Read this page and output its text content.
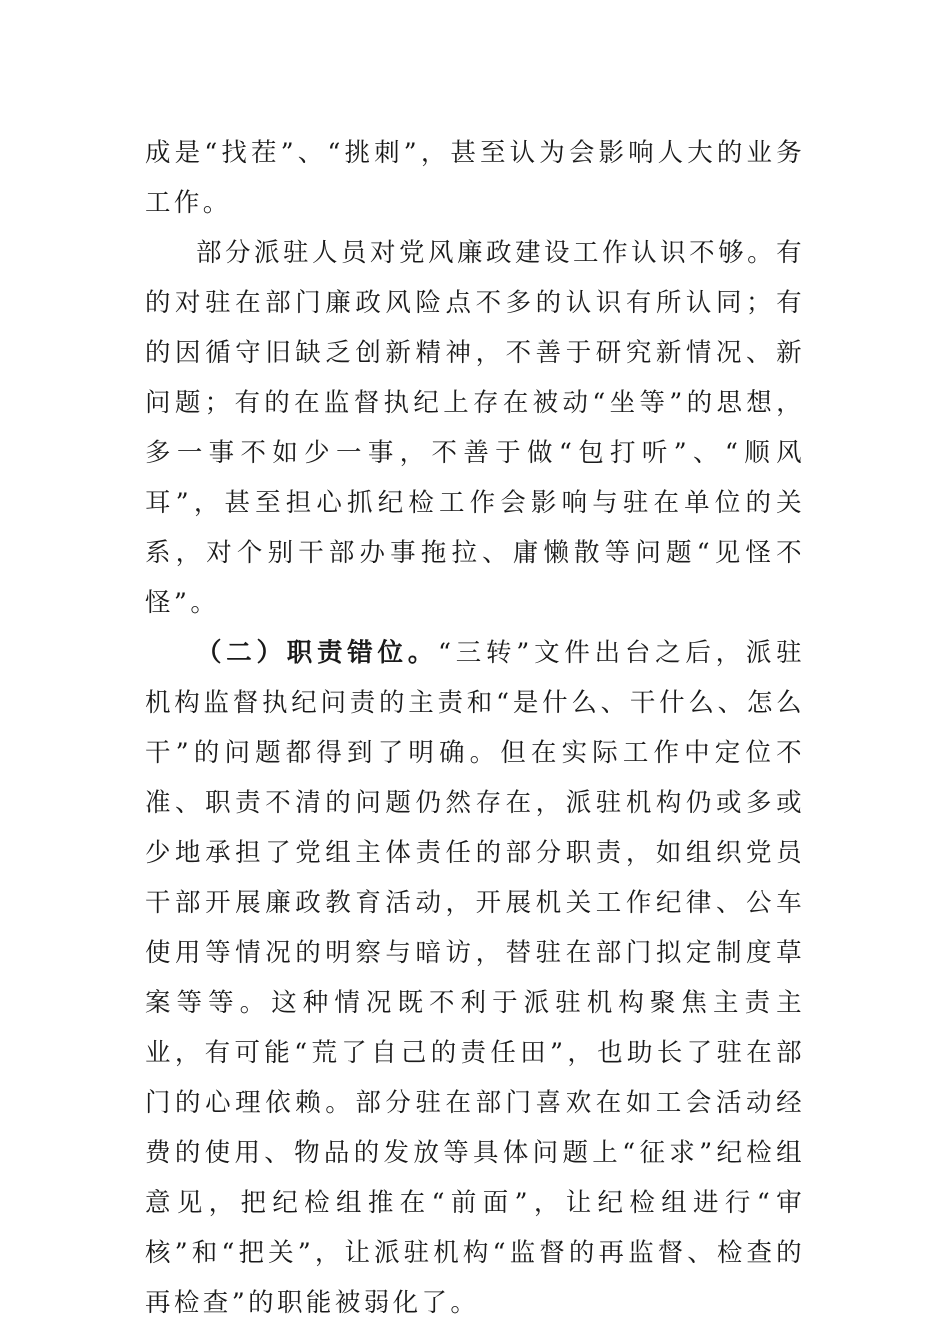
成是“找茬”、“挑刺”，甚至认为会影响人大的业务工作。

部分派驻人员对党风廉政建设工作认识不够。有的对驻在部门廉政风险点不多的认识有所认同；有的因循守旧缺乏创新精神，不善于研究新情况、新问题；有的在监督执纪上存在被动“坐等”的思想，多一事不如少一事，不善于做“包打听”、“顺风耳”，甚至担心抓纪检工作会影响与驻在单位的关系，对个别干部办事拖拉、庸懒散等问题“见怪不怪”。

（二）职责错位。“三转”文件出台之后，派驻机构监督执纪问责的主责和“是什么、干什么、怎么干”的问题都得到了明确。但在实际工作中定位不准、职责不清的问题仍然存在，派驻机构仍或多或少地承担了党组主体责任的部分职责，如组织党员干部开展廉政教育活动，开展机关工作纪律、公车使用等情况的明察与暗访，替驻在部门拟定制度草案等等。这种情况既不利于派驻机构聚焦主责主业，有可能“荒了自己的责任田”，也助长了驻在部门的心理依赖。部分驻在部门喜欢在如工会活动经费的使用、物品的发放等具体问题上“征求”纪检组意见，把纪检组推在“前面”，让纪检组进行“审核”和“把关”，让派驻机构“监督的再监督、检查的再检查”的职能被弱化了。
